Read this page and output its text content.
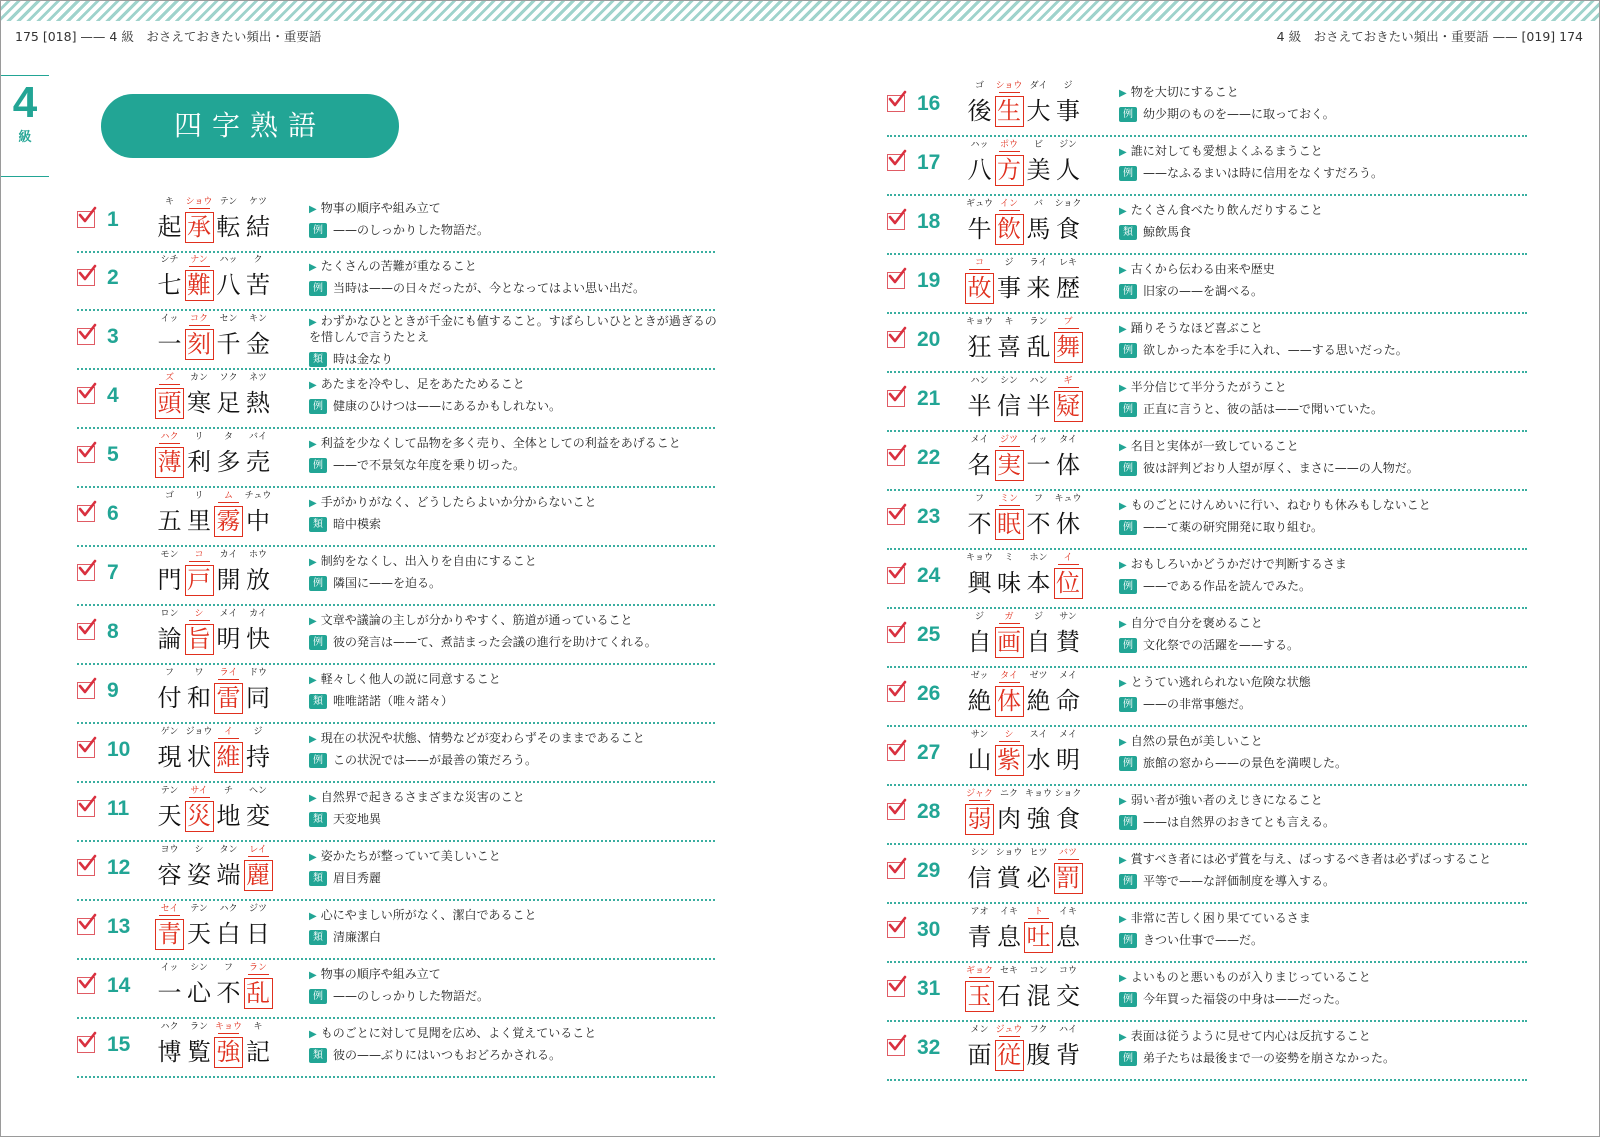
175 [018] —— 4 級　おさえておきたい頻出・重要語	4 級　おさえておきたい頻出・重要語 —— [019] 174
4
級	四字熟語
1
キ
起
ショウ
承
テン
転
ケツ
結
▶ 物事の順序や組み立て
例 ——のしっかりした物語だ。
2
シチ
七
ナン
難
ハッ
八
ク
苦
▶ たくさんの苦難が重なること
例 当時は——の日々だったが、今となってはよい思い出だ。
3
イッ
一
コク
刻
セン
千
キン
金
▶ わずかなひとときが千金にも値すること。すばらしいひとときが過ぎるのを惜しんで言うたとえ
類 時は金なり
4
ズ
頭
カン
寒
ソク
足
ネツ
熱
▶ あたまを冷やし、足をあたためること
例 健康のひけつは——にあるかもしれない。
5
ハク
薄
リ
利
タ
多
バイ
売
▶ 利益を少なくして品物を多く売り、全体としての利益をあげること
例 ——で不景気な年度を乗り切った。
6
ゴ
五
リ
里
ム
霧
チュウ
中
▶ 手がかりがなく、どうしたらよいか分からないこと
類 暗中模索
7
モン
門
コ
戸
カイ
開
ホウ
放
▶ 制約をなくし、出入りを自由にすること
例 隣国に——を迫る。
8
ロン
論
シ
旨
メイ
明
カイ
快
▶ 文章や議論の主しが分かりやすく、筋道が通っていること
例 彼の発言は——て、煮詰まった会議の進行を助けてくれる。
9
フ
付
ワ
和
ライ
雷
ドウ
同
▶ 軽々しく他人の説に同意すること
類 唯唯諾諾（唯々諾々）
10
ゲン
現
ジョウ
状
イ
維
ジ
持
▶ 現在の状況や状態、情勢などが変わらずそのままであること
例 この状況では——が最善の策だろう。
11
テン
天
サイ
災
チ
地
ヘン
変
▶ 自然界で起きるさまざまな災害のこと
類 天変地異
12
ヨウ
容
シ
姿
タン
端
レイ
麗
▶ 姿かたちが整っていて美しいこと
類 眉目秀麗
13
セイ
青
テン
天
ハク
白
ジツ
日
▶ 心にやましい所がなく、潔白であること
類 清廉潔白
14
イッ
一
シン
心
フ
不
ラン
乱
▶ 物事の順序や組み立て
例 ——のしっかりした物語だ。
15
ハク
博
ラン
覧
キョウ
強
キ
記
▶ ものごとに対して見聞を広め、よく覚えていること
類 彼の——ぶりにはいつもおどろかされる。
16
ゴ
後
ショウ
生
ダイ
大
ジ
事
▶ 物を大切にすること
例 幼少期のものを——に取っておく。
17
ハッ
八
ポウ
方
ビ
美
ジン
人
▶ 誰に対しても愛想よくふるまうこと
例 ——なふるまいは時に信用をなくすだろう。
18
ギュウ
牛
イン
飲
バ
馬
ショク
食
▶ たくさん食べたり飲んだりすること
類 鯨飲馬食
19
コ
故
ジ
事
ライ
来
レキ
歴
▶ 古くから伝わる由来や歴史
例 旧家の——を調べる。
20
キョウ
狂
キ
喜
ラン
乱
ブ
舞
▶ 踊りそうなほど喜ぶこと
例 欲しかった本を手に入れ、——する思いだった。
21
ハン
半
シン
信
ハン
半
ギ
疑
▶ 半分信じて半分うたがうこと
例 正直に言うと、彼の話は——で聞いていた。
22
メイ
名
ジツ
実
イッ
一
タイ
体
▶ 名目と実体が一致していること
例 彼は評判どおり人望が厚く、まさに——の人物だ。
23
フ
不
ミン
眠
フ
不
キュウ
休
▶ ものごとにけんめいに行い、ねむりも休みもしないこと
例 ——て薬の研究開発に取り組む。
24
キョウ
興
ミ
味
ホン
本
イ
位
▶ おもしろいかどうかだけで判断するさま
例 ——である作品を読んでみた。
25
ジ
自
ガ
画
ジ
自
サン
賛
▶ 自分で自分を褒めること
例 文化祭での活躍を——する。
26
ゼッ
絶
タイ
体
ゼツ
絶
メイ
命
▶ とうてい逃れられない危険な状態
例 ——の非常事態だ。
27
サン
山
シ
紫
スイ
水
メイ
明
▶ 自然の景色が美しいこと
例 旅館の窓から——の景色を満喫した。
28
ジャク
弱
ニク
肉
キョウ
強
ショク
食
▶ 弱い者が強い者のえじきになること
例 ——は自然界のおきてとも言える。
29
シン
信
ショウ
賞
ヒツ
必
バツ
罰
▶ 賞すべき者には必ず賞を与え、ばっするべき者は必ずばっすること
例 平等で——な評価制度を導入する。
30
アオ
青
イキ
息
ト
吐
イキ
息
▶ 非常に苦しく困り果てているさま
例 きつい仕事で——だ。
31
ギョク
玉
セキ
石
コン
混
コウ
交
▶ よいものと悪いものが入りまじっていること
例 今年買った福袋の中身は——だった。
32
メン
面
ジュウ
従
フク
腹
ハイ
背
▶ 表面は従うように見せて内心は反抗すること
例 弟子たちは最後まで一の姿勢を崩さなかった。
